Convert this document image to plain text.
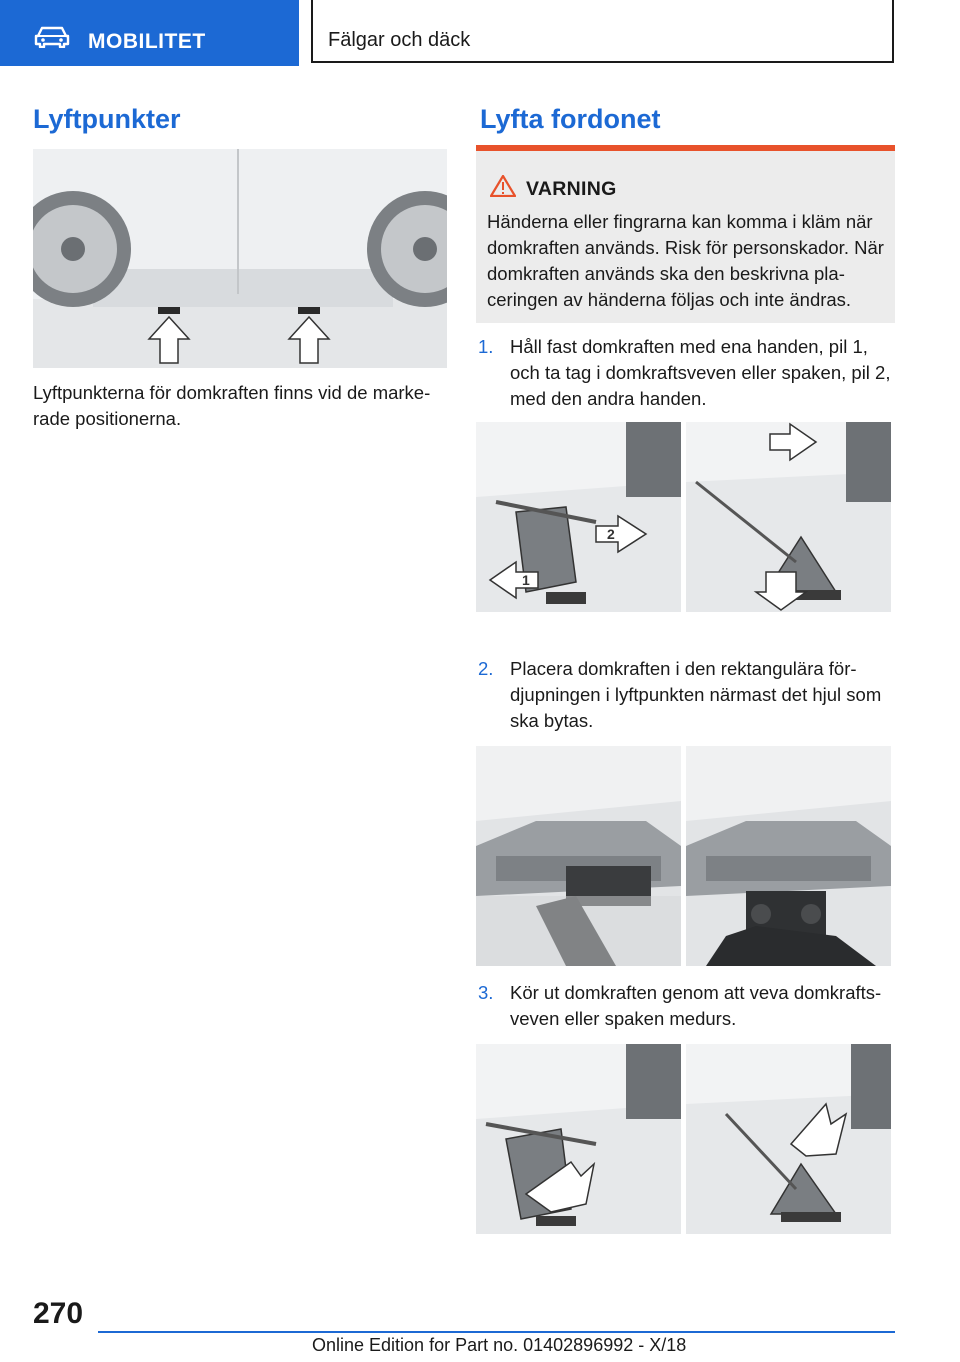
MOBILITET	Fälgar och däck
Lyftpunkter
Lyftpunkterna för domkraften finns vid de marke-rade positionerna.
Lyfta fordonet
VARNING
Händerna eller fingrarna kan komma i kläm när domkraften används. Risk för personskador. När domkraften används ska den beskrivna pla-ceringen av händerna följas och inte ändras.
1. Håll fast domkraften med ena handen, pil 1, och ta tag i domkraftsveven eller spaken, pil 2, med den andra handen.
1
2
2. Placera domkraften i den rektangulära för-djupningen i lyftpunkten närmast det hjul som ska bytas.
3. Kör ut domkraften genom att veva domkrafts-veven eller spaken medurs.
270
Online Edition for Part no. 01402896992 - X/18
